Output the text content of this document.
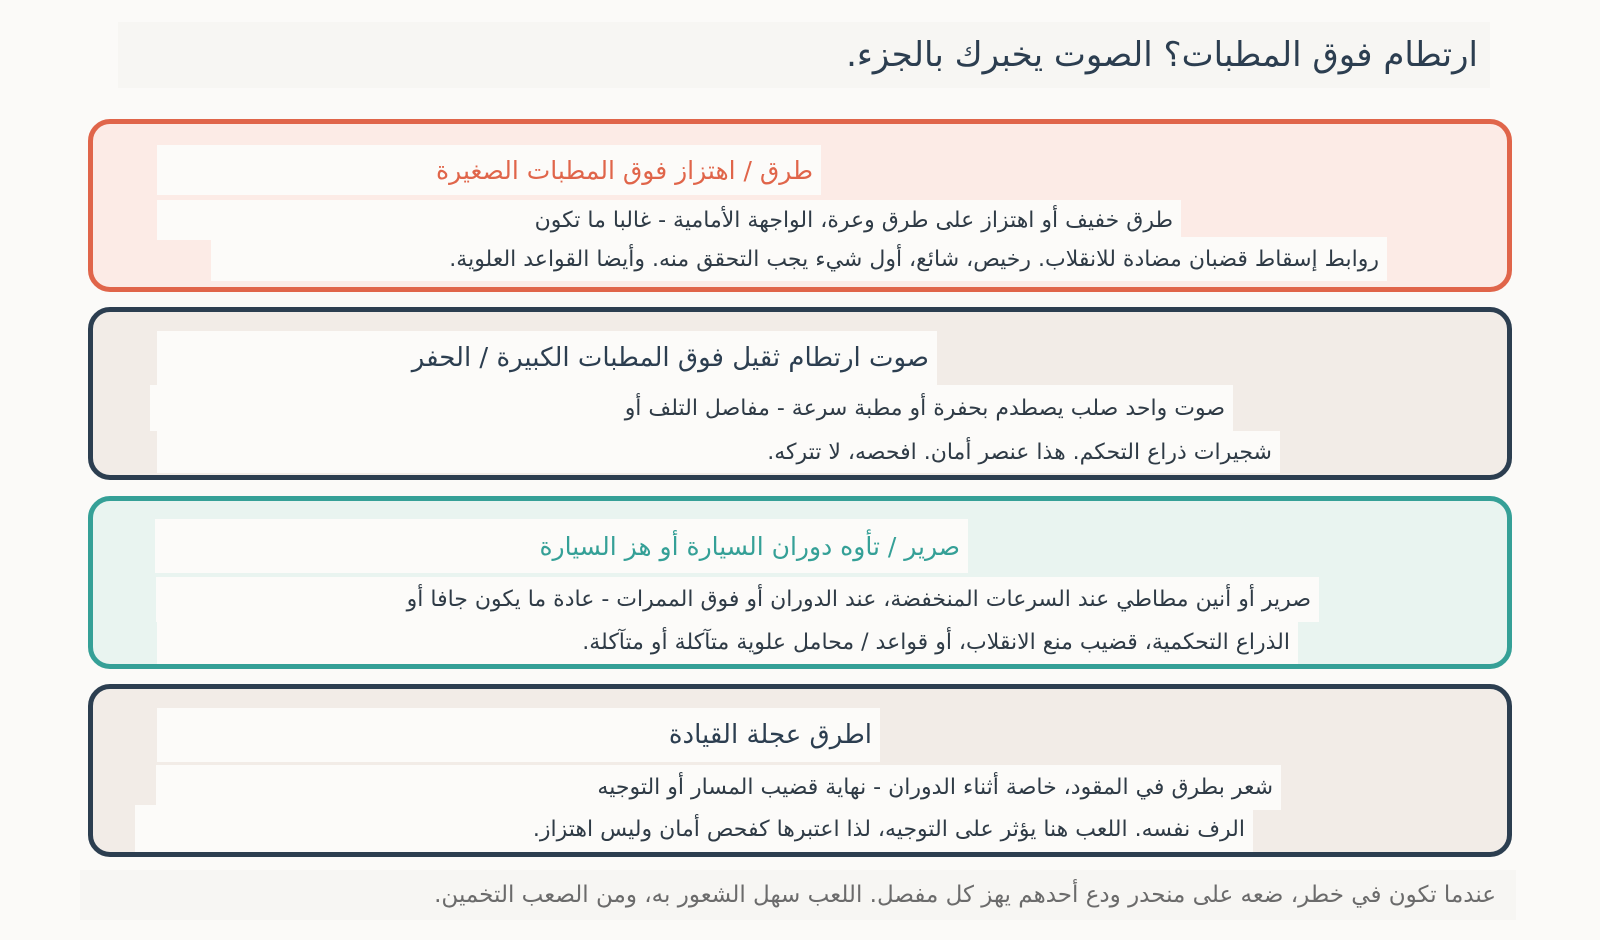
ارتطام فوق المطبات؟ الصوت يخبرك بالجزء.
طرق / اهتزاز فوق المطبات الصغيرة
طرق خفيف أو اهتزاز على طرق وعرة، الواجهة الأمامية - غالبا ما تكون
روابط إسقاط قضبان مضادة للانقلاب. رخيص، شائع، أول شيء يجب التحقق منه. وأيضا القواعد العلوية.
صوت ارتطام ثقيل فوق المطبات الكبيرة / الحفر
صوت واحد صلب يصطدم بحفرة أو مطبة سرعة - مفاصل التلف أو
شجيرات ذراع التحكم. هذا عنصر أمان. افحصه، لا تتركه.
صرير / تأوه دوران السيارة أو هز السيارة
صرير أو أنين مطاطي عند السرعات المنخفضة، عند الدوران أو فوق الممرات - عادة ما يكون جافا أو
الذراع التحكمية، قضيب منع الانقلاب، أو قواعد / محامل علوية متآكلة أو متآكلة.
اطرق عجلة القيادة
شعر بطرق في المقود، خاصة أثناء الدوران - نهاية قضيب المسار أو التوجيه
الرف نفسه. اللعب هنا يؤثر على التوجيه، لذا اعتبرها كفحص أمان وليس اهتزاز.
عندما تكون في خطر، ضعه على منحدر ودع أحدهم يهز كل مفصل. اللعب سهل الشعور به، ومن الصعب التخمين.
